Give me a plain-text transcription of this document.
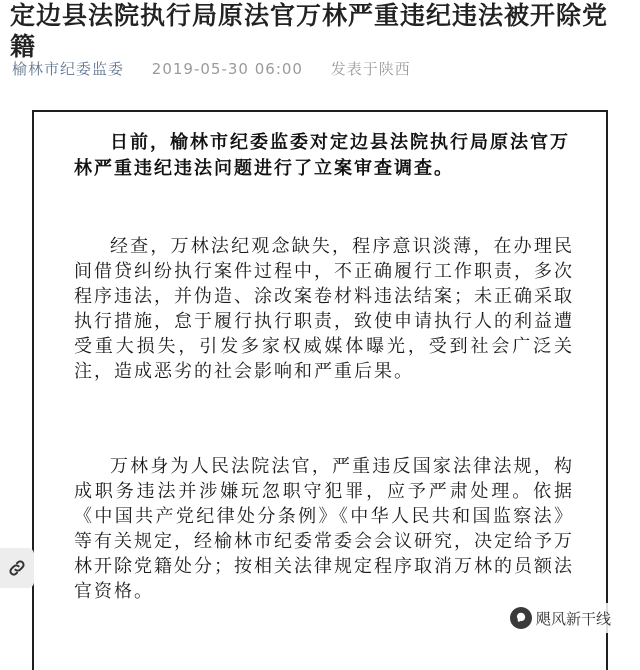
定边县法院执行局原法官万林严重违纪违法被开除党籍
榆林市纪委监委 2019-05-30 06:00 发表于陕西

日前，榆林市纪委监委对定边县法院执行局原法官万林严重违纪违法问题进行了立案审查调查。

经查，万林法纪观念缺失，程序意识淡薄，在办理民间借贷纠纷执行案件过程中，不正确履行工作职责，多次程序违法，并伪造、涂改案卷材料违法结案；未正确采取执行措施，怠于履行执行职责，致使申请执行人的利益遭受重大损失，引发多家权威媒体曝光，受到社会广泛关注，造成恶劣的社会影响和严重后果。

万林身为人民法院法官，严重违反国家法律法规，构成职务违法并涉嫌玩忽职守犯罪，应予严肃处理。依据《中国共产党纪律处分条例》《中华人民共和国监察法》等有关规定，经榆林市纪委常委会会议研究，决定给予万林开除党籍处分；按相关法律规定程序取消万林的员额法官资格。

飓风新干线
